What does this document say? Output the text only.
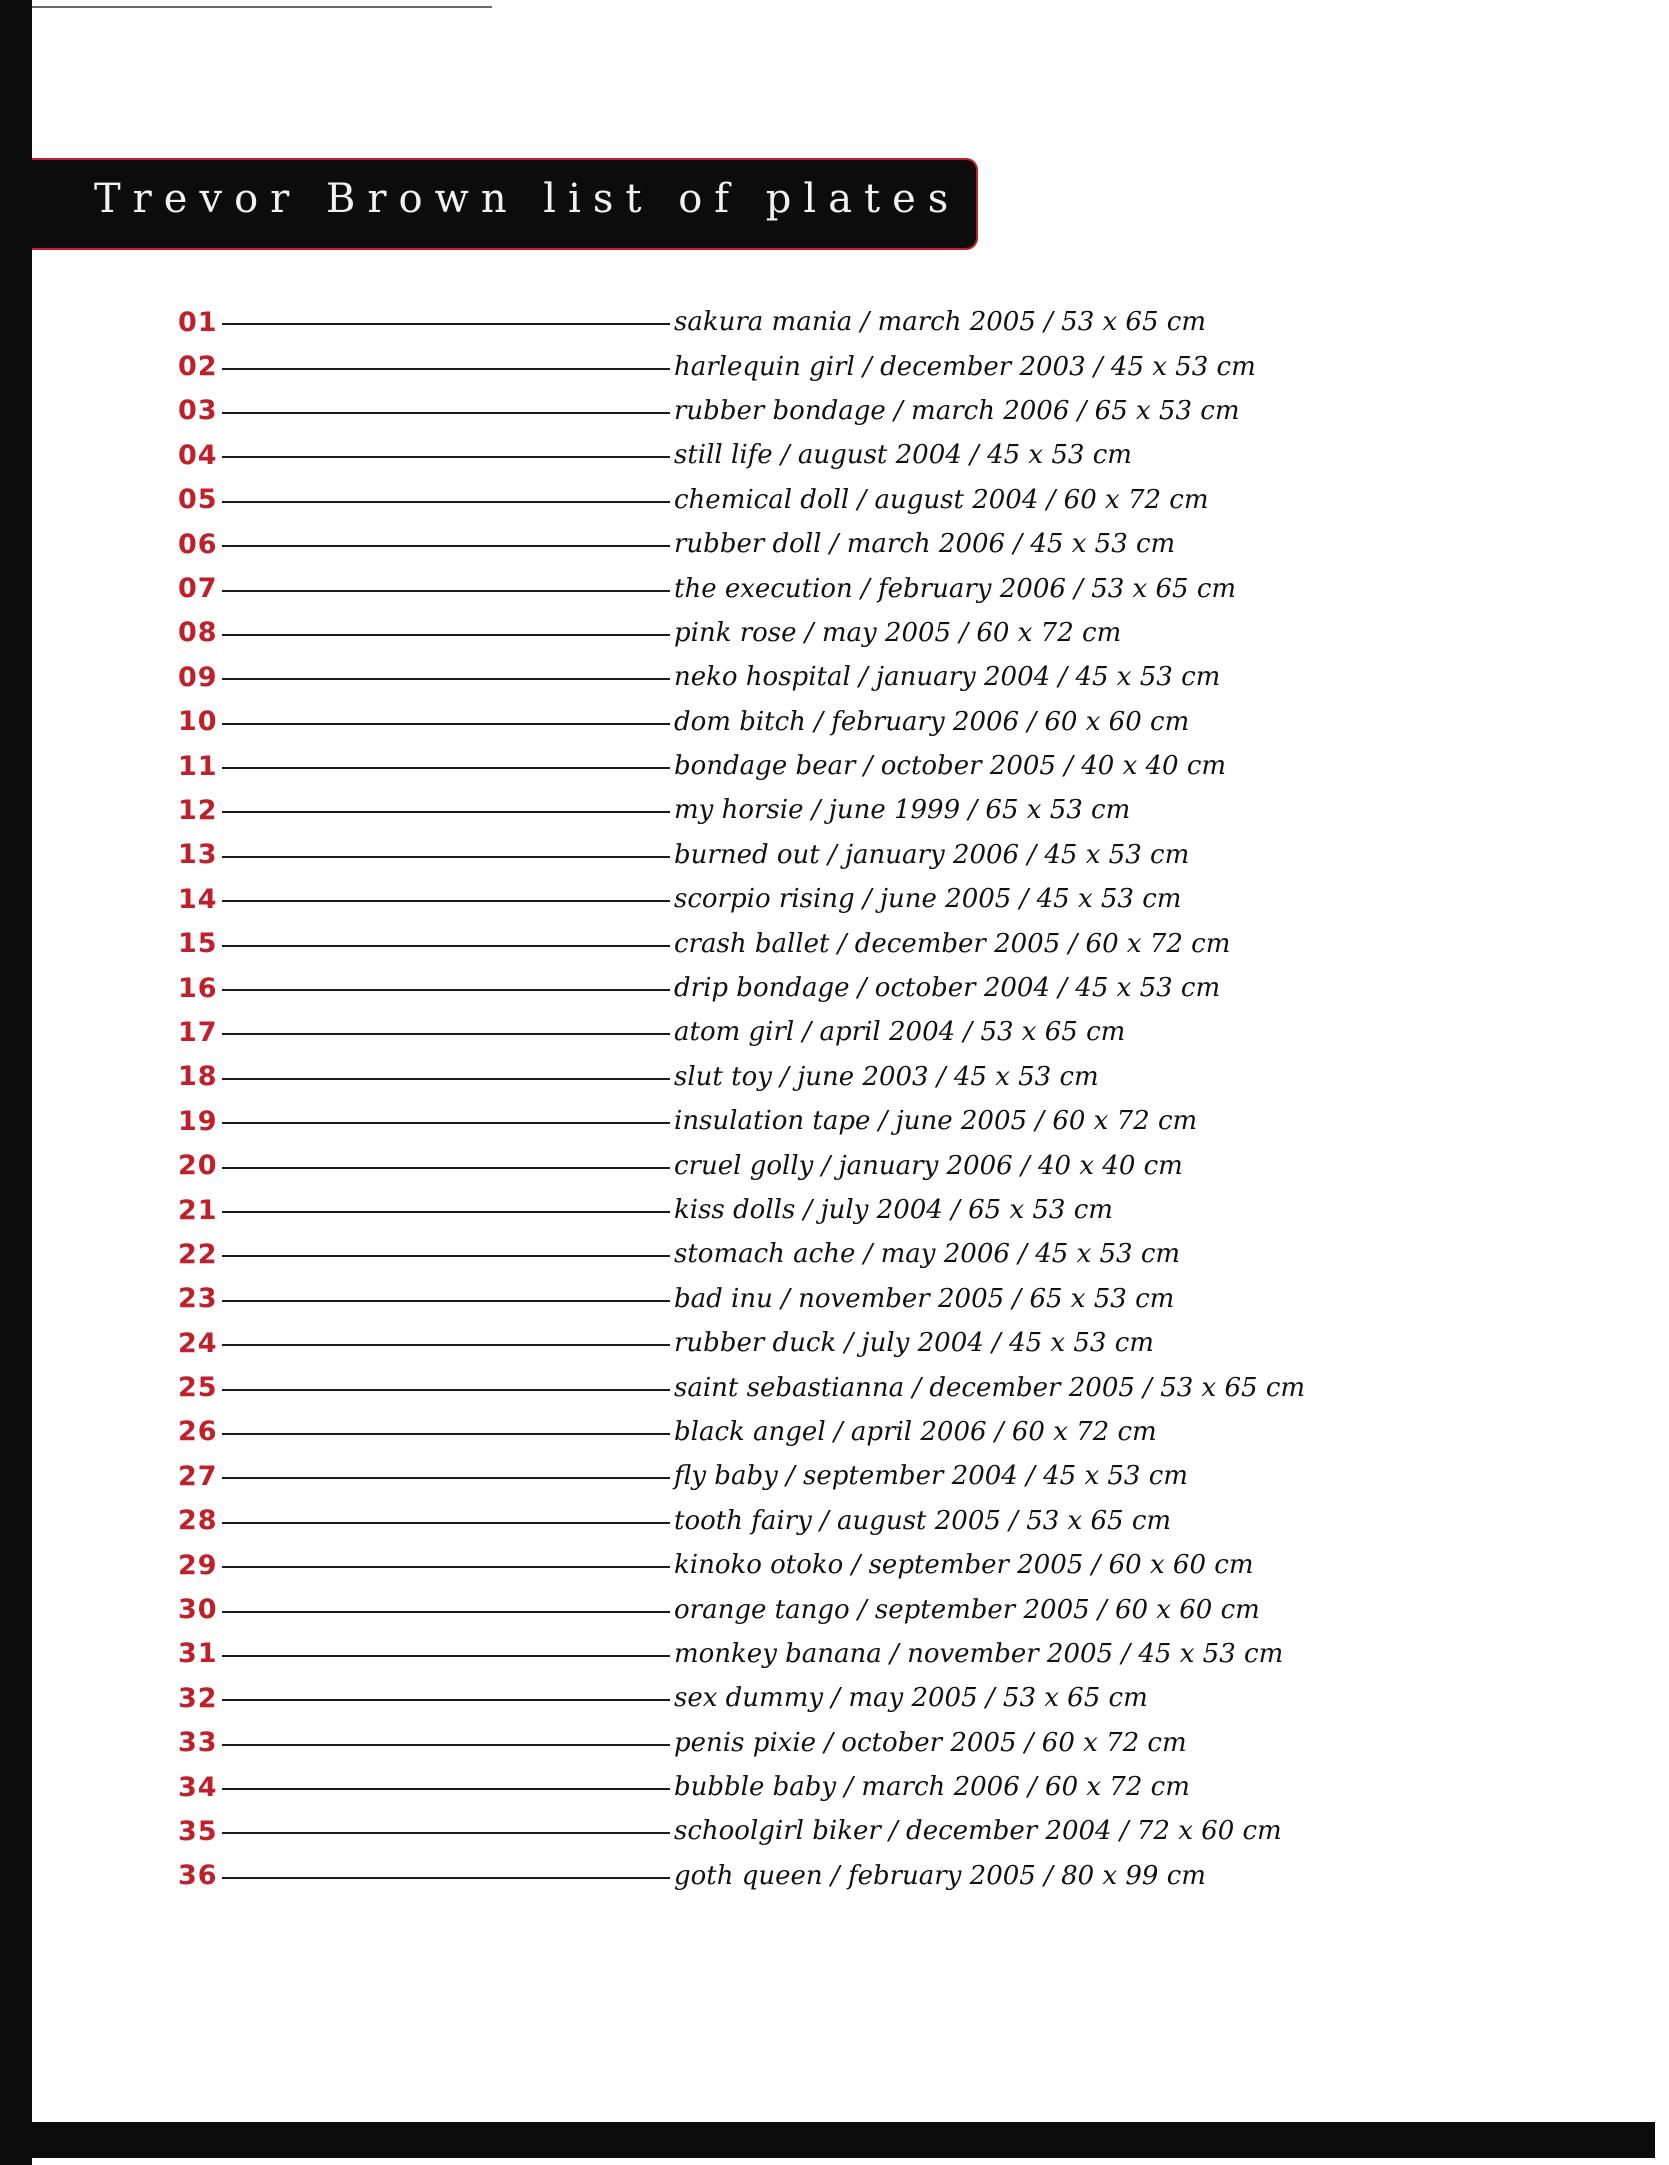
Trevor Brown list of plates
01	sakura mania / march 2005 / 53 x 65 cm
02	harlequin girl / december 2003 / 45 x 53 cm
03	rubber bondage / march 2006 / 65 x 53 cm
04	still life / august 2004 / 45 x 53 cm
05	chemical doll / august 2004 / 60 x 72 cm
06	rubber doll / march 2006 / 45 x 53 cm
07	the execution / february 2006 / 53 x 65 cm
08	pink rose / may 2005 / 60 x 72 cm
09	neko hospital / january 2004 / 45 x 53 cm
10	dom bitch / february 2006 / 60 x 60 cm
11	bondage bear / october 2005 / 40 x 40 cm
12	my horsie / june 1999 / 65 x 53 cm
13	burned out / january 2006 / 45 x 53 cm
14	scorpio rising / june 2005 / 45 x 53 cm
15	crash ballet / december 2005 / 60 x 72 cm
16	drip bondage / october 2004 / 45 x 53 cm
17	atom girl / april 2004 / 53 x 65 cm
18	slut toy / june 2003 / 45 x 53 cm
19	insulation tape / june 2005 / 60 x 72 cm
20	cruel golly / january 2006 / 40 x 40 cm
21	kiss dolls / july 2004 / 65 x 53 cm
22	stomach ache / may 2006 / 45 x 53 cm
23	bad inu / november 2005 / 65 x 53 cm
24	rubber duck / july 2004 / 45 x 53 cm
25	saint sebastianna / december 2005 / 53 x 65 cm
26	black angel / april 2006 / 60 x 72 cm
27	fly baby / september 2004 / 45 x 53 cm
28	tooth fairy / august 2005 / 53 x 65 cm
29	kinoko otoko / september 2005 / 60 x 60 cm
30	orange tango / september 2005 / 60 x 60 cm
31	monkey banana / november 2005 / 45 x 53 cm
32	sex dummy / may 2005 / 53 x 65 cm
33	penis pixie / october 2005 / 60 x 72 cm
34	bubble baby / march 2006 / 60 x 72 cm
35	schoolgirl biker / december 2004 / 72 x 60 cm
36	goth queen / february 2005 / 80 x 99 cm
